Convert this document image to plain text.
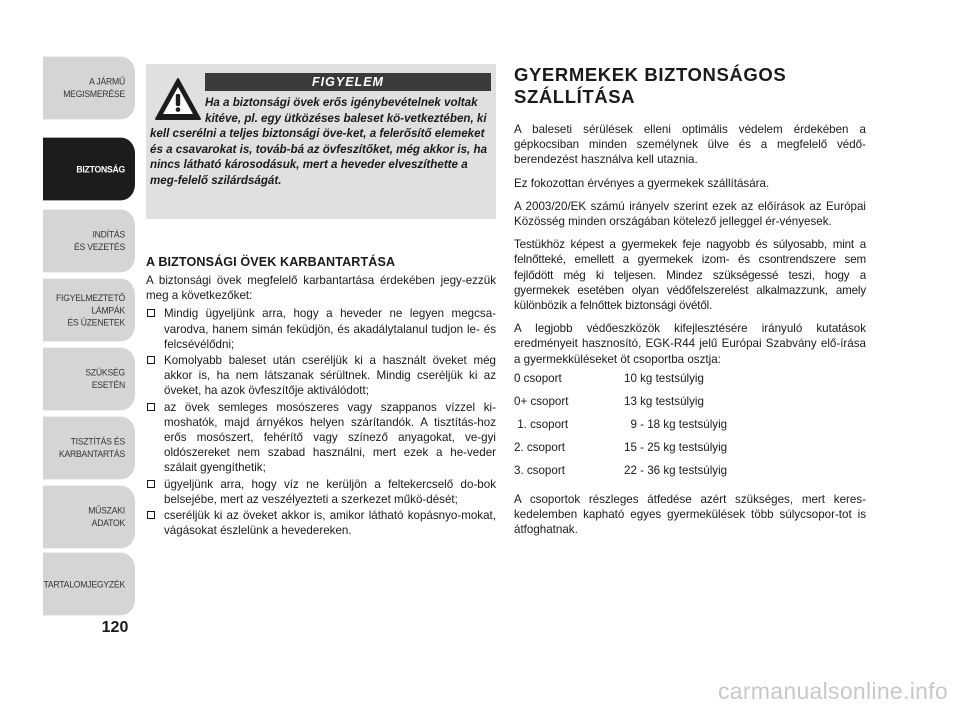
A JÁRMŰ
MEGISMERÉSE
BIZTONSÁG
INDÍTÁS
ÉS VEZETÉS
FIGYELMEZTETŐ
LÁMPÁK
ÉS ÜZENETEK
SZÜKSÉG
ESETÉN
TISZTÍTÁS ÉS
KARBANTARTÁS
MŰSZAKI
ADATOK
TARTALOMJEGYZÉK
120
FIGYELEM
Ha a biztonsági övek erős igénybevételnek voltak kitéve, pl. egy ütközéses baleset kö-vetkeztében, ki kell cserélni a teljes biztonsági öve-ket, a felerősítő elemeket és a csavarokat is, továb-bá az övfeszítőket, még akkor is, ha nincs látható károsodásuk, mert a heveder elveszíthette a meg-felelő szilárdságát.
A BIZTONSÁGI ÖVEK KARBANTARTÁSA
A biztonsági övek megfelelő karbantartása érdekében jegy-ezzük meg a következőket:
Mindig ügyeljünk arra, hogy a heveder ne legyen megcsa-varodva, hanem simán feküdjön, és akadálytalanul tudjon le- és felcsévélődni;
Komolyabb baleset után cseréljük ki a használt öveket még akkor is, ha nem látszanak sérültnek. Mindig cseréljük ki az öveket, ha azok övfeszítője aktiválódott;
az övek semleges mosószeres vagy szappanos vízzel ki-moshatók, majd árnyékos helyen szárítandók. A tisztítás-hoz erős mosószert, fehérítő vagy színező anyagokat, ve-gyi oldószereket nem szabad használni, mert ezek a he-veder szálait gyengíthetik;
ügyeljünk arra, hogy víz ne kerüljön a feltekercselő do-bok belsejébe, mert az veszélyezteti a szerkezet műkö-dését;
cseréljük ki az öveket akkor is, amikor látható kopásnyo-mokat, vágásokat észlelünk a hevedereken.
GYERMEKEK BIZTONSÁGOS
SZÁLLÍTÁSA
A baleseti sérülések elleni optimális védelem érdekében a gépkocsiban minden személynek ülve és a megfelelő védő-berendezést használva kell utaznia.
Ez fokozottan érvényes a gyermekek szállítására.
A 2003/20/EK számú irányelv szerint ezek az előírások az Európai Közösség minden országában kötelező jelleggel ér-vényesek.
Testükhöz képest a gyermekek feje nagyobb és súlyosabb, mint a felnőtteké, emellett a gyermekek izom- és csontrendszere sem fejlődött még ki teljesen. Mindez szükségessé teszi, hogy a gyermekek esetében olyan védőfelszerelést alkalmazzunk, amely különbözik a felnőttek biztonsági övétől.
A legjobb védőeszközök kifejlesztésére irányuló kutatások eredményeit hasznosító, EGK-R44 jelű Európai Szabvány elő-írása a gyermekküléseket öt csoportba osztja:
0 csoport	10 kg testsúlyig
0+ csoport	13 kg testsúlyig
1. csoport	9 - 18 kg testsúlyig
2. csoport	15 - 25 kg testsúlyig
3. csoport	22 - 36 kg testsúlyig
A csoportok részleges átfedése azért szükséges, mert keres-kedelemben kapható egyes gyermekülések több súlycsopor-tot is átfoghatnak.
carmanualsonline.info
